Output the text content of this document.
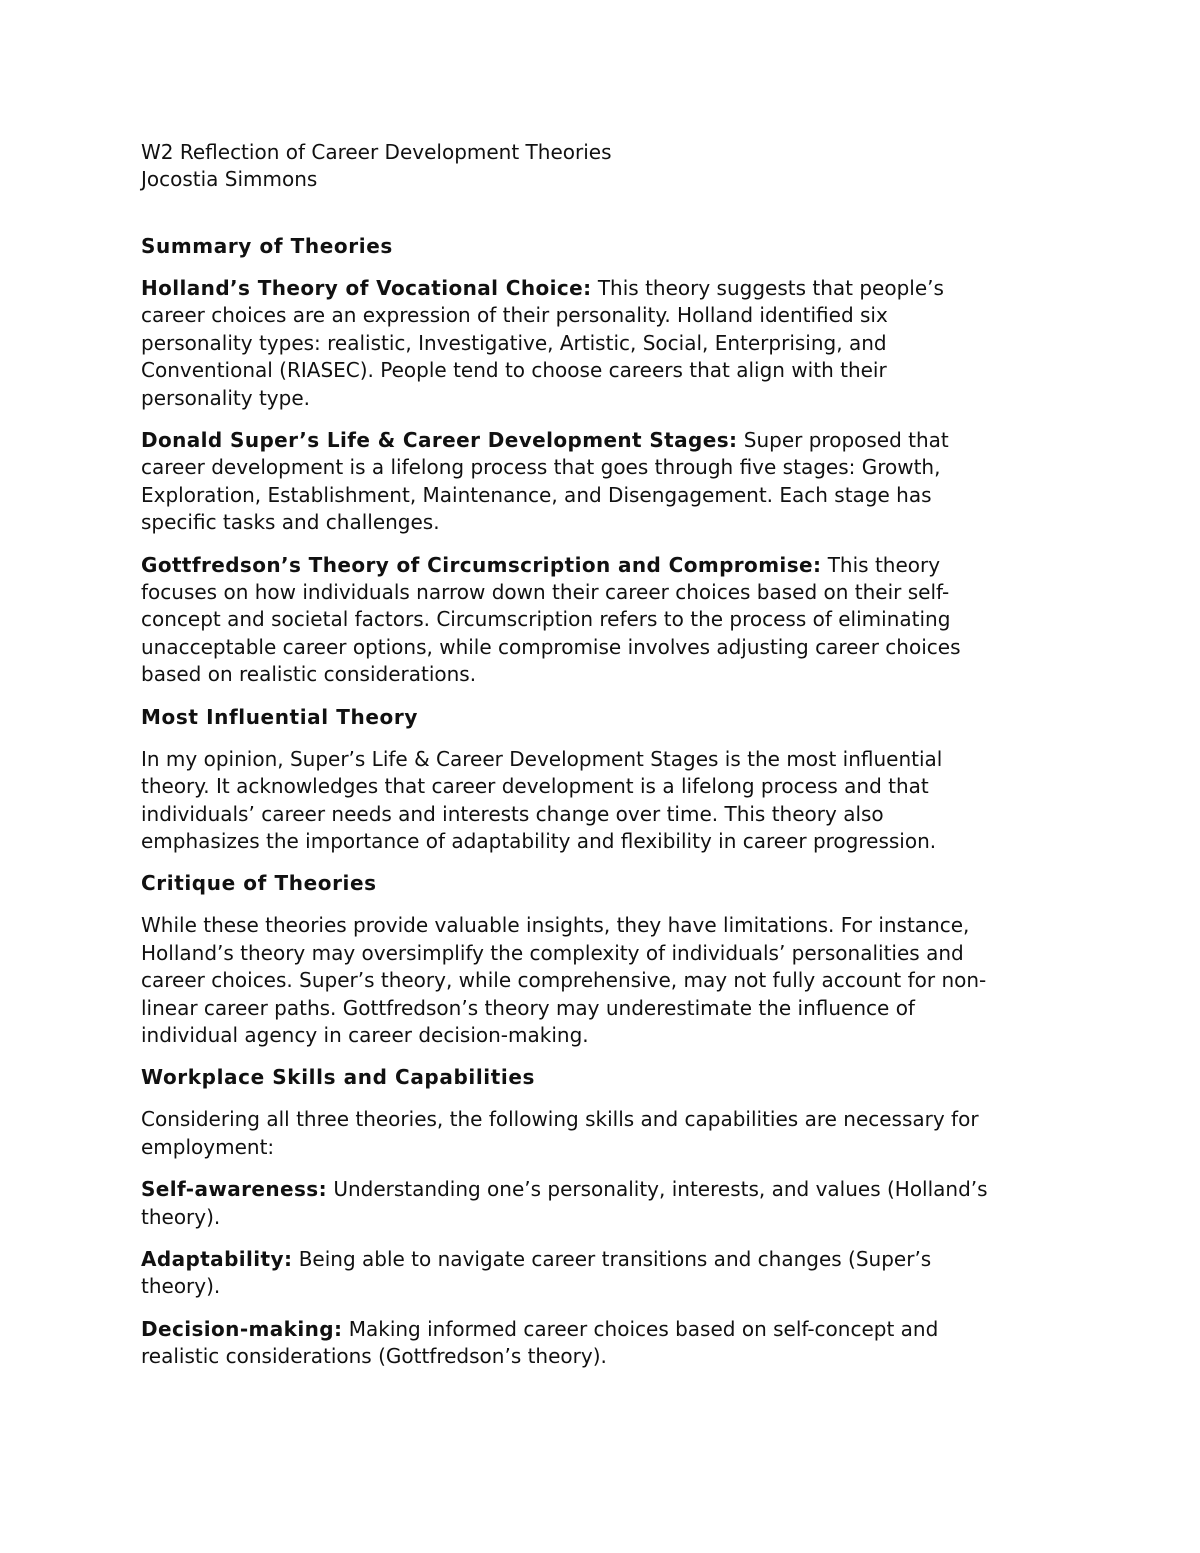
W2 Reflection of Career Development Theories

Jocostia Simmons

Summary of Theories

Holland’s Theory of Vocational Choice: This theory suggests that people’s

career choices are an expression of their personality. Holland identified six

personality types: realistic, Investigative, Artistic, Social, Enterprising, and

Conventional (RIASEC). People tend to choose careers that align with their

personality type.

Donald Super’s Life & Career Development Stages: Super proposed that

career development is a lifelong process that goes through five stages: Growth,

Exploration, Establishment, Maintenance, and Disengagement. Each stage has

specific tasks and challenges.

Gottfredson’s Theory of Circumscription and Compromise: This theory

focuses on how individuals narrow down their career choices based on their self-

concept and societal factors. Circumscription refers to the process of eliminating

unacceptable career options, while compromise involves adjusting career choices

based on realistic considerations.

Most Influential Theory

In my opinion, Super’s Life & Career Development Stages is the most influential

theory. It acknowledges that career development is a lifelong process and that

individuals’ career needs and interests change over time. This theory also

emphasizes the importance of adaptability and flexibility in career progression.

Critique of Theories

While these theories provide valuable insights, they have limitations. For instance,

Holland’s theory may oversimplify the complexity of individuals’ personalities and

career choices. Super’s theory, while comprehensive, may not fully account for non-

linear career paths. Gottfredson’s theory may underestimate the influence of

individual agency in career decision-making.

Workplace Skills and Capabilities

Considering all three theories, the following skills and capabilities are necessary for

employment:

Self-awareness: Understanding one’s personality, interests, and values (Holland’s

theory).

Adaptability: Being able to navigate career transitions and changes (Super’s

theory).

Decision-making: Making informed career choices based on self-concept and

realistic considerations (Gottfredson’s theory).
